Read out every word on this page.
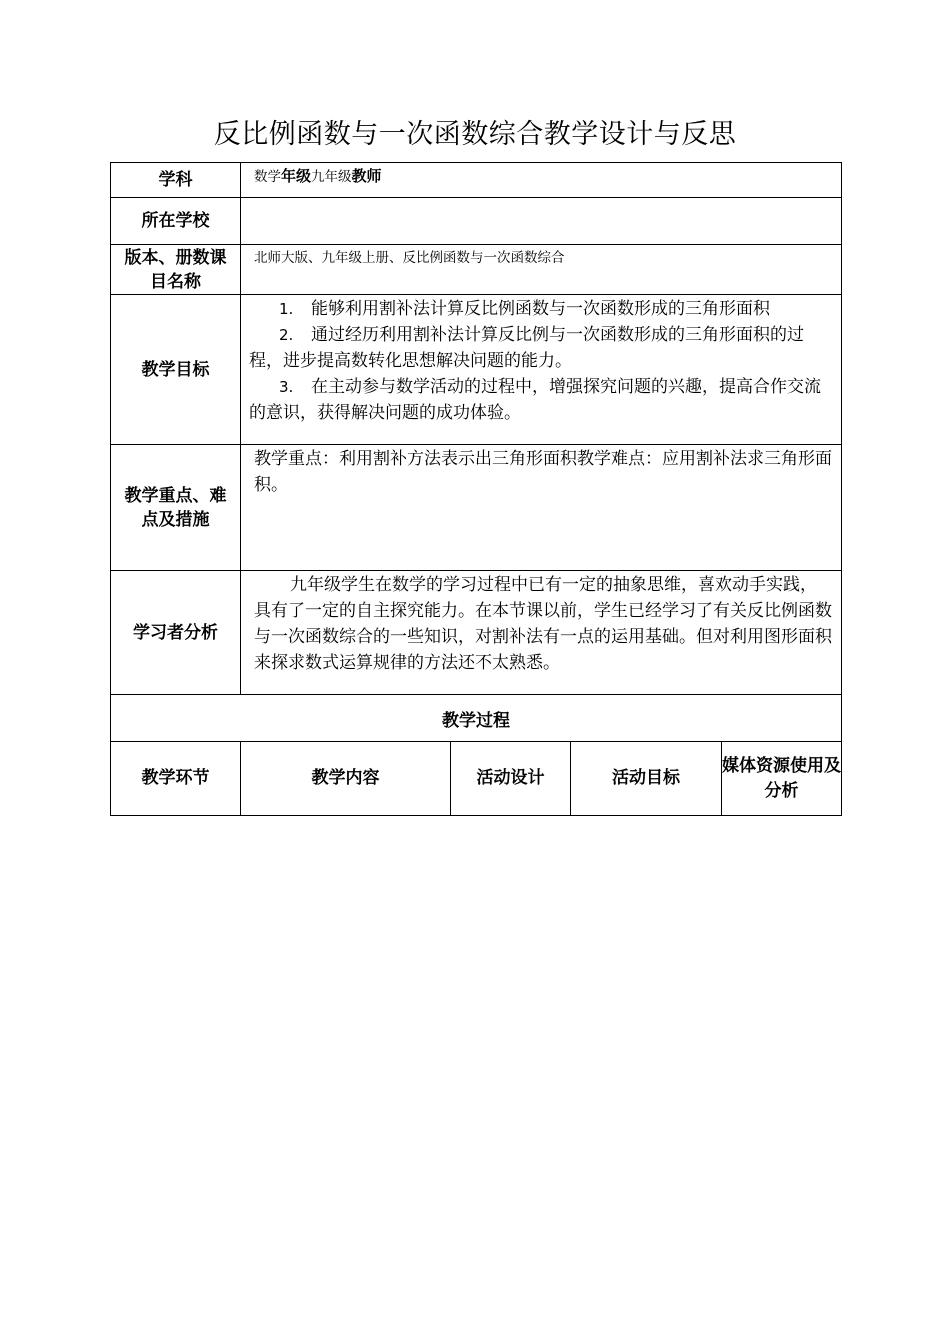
反比例函数与一次函数综合教学设计与反思
学科	数学年级九年级教师			
所在学校				
版本、册数课目名称	北师大版、九年级上册、反比例函数与一次函数综合			
教学目标	1. 能够利用割补法计算反比例函数与一次函数形成的三角形面积

2. 通过经历利用割补法计算反比例与一次函数形成的三角形面积的过程，进步提高数转化思想解决问题的能力。

3. 在主动参与数学活动的过程中，增强探究问题的兴趣，提高合作交流的意识，获得解决问题的成功体验。			

教学重点、难点及措施	教学重点：利用割补方法表示出三角形面积教学难点：应用割补法求三角形面积。			
学习者分析	九年级学生在数学的学习过程中已有一定的抽象思维，喜欢动手实践，具有了一定的自主探究能力。在本节课以前，学生已经学习了有关反比例函数与一次函数综合的一些知识，对割补法有一点的运用基础。但对利用图形面积来探求数式运算规律的方法还不太熟悉。			
教学过程				
教学环节	教学内容	活动设计	活动目标	媒体资源使用及分析
